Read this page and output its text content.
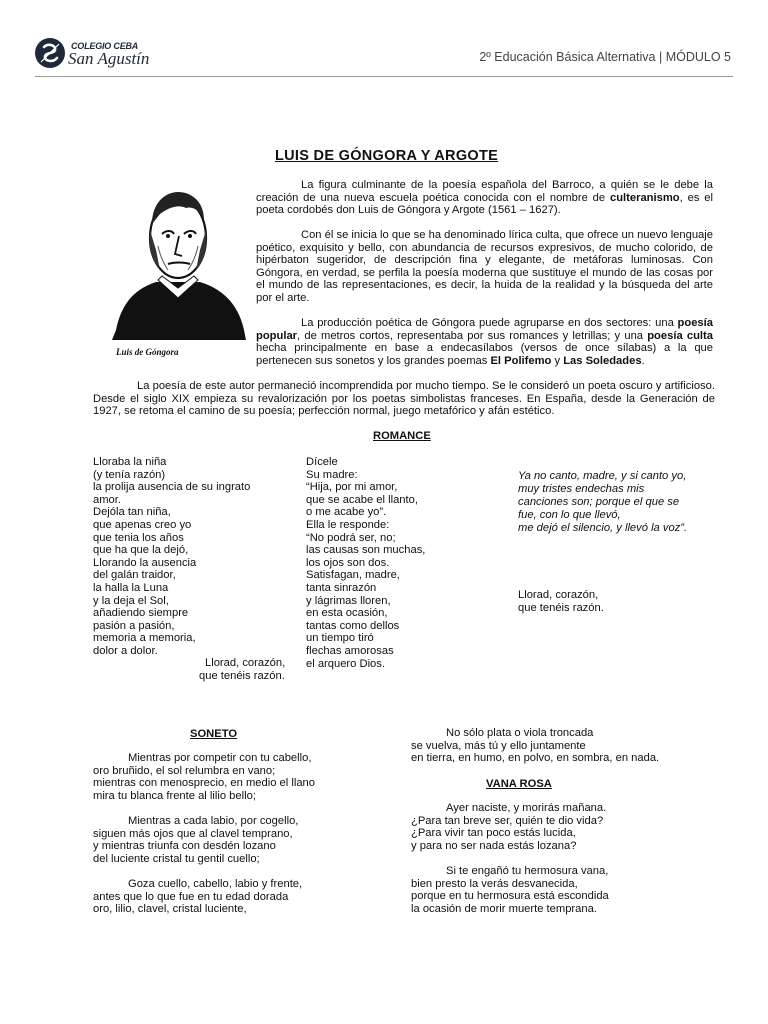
COLEGIO CEBA
San Agustín	2º Educación Básica Alternativa | MÓDULO 5
LUIS DE GÓNGORA Y ARGOTE
Luis de Góngora
La figura culminante de la poesía española del Barroco, a quién se le debe la creación de una nueva escuela poética conocida con el nombre de culteranismo, es el poeta cordobés don Luis de Góngora y Argote (1561 – 1627).
Con él se inicia lo que se ha denominado lírica culta, que ofrece un nuevo lenguaje poético, exquisito y bello, con abundancia de recursos expresivos, de mucho colorido, de hipérbaton sugeridor, de descripción fina y elegante, de metáforas luminosas. Con Góngora, en verdad, se perfila la poesía moderna que sustituye el mundo de las cosas por el mundo de las representaciones, es decir, la huida de la realidad y la búsqueda del arte por el arte.
La producción poética de Góngora puede agruparse en dos sectores: una poesía popular, de metros cortos, representaba por sus romances y letrillas; y una poesía culta hecha principalmente en base a endecasílabos (versos de once sílabas) a la que pertenecen sus sonetos y los grandes poemas El Polifemo y Las Soledades.
La poesía de este autor permaneció incomprendida por mucho tiempo. Se le consideró un poeta oscuro y artificioso. Desde el siglo XIX empieza su revalorización por los poetas simbolistas franceses. En España, desde la Generación de 1927, se retoma el camino de su poesía; perfección normal, juego metafórico y afán estético.
ROMANCE
Lloraba la niña
(y tenía razón)
la prolija ausencia de su ingrato
amor.
Dejóla tan niña,
que apenas creo yo
que tenia los años
que ha que la dejó,
Llorando la ausencia
del galán traidor,
la halla la Luna
y la deja el Sol,
añadiendo siempre
pasión a pasión,
memoria a memoria,
dolor a dolor.
Llorad, corazón,
que tenéis razón.
Dícele
Su madre:
“Hija, por mi amor,
que se acabe el llanto,
o me acabe yo”.
Ella le responde:
“No podrá ser, no;
las causas son muchas,
los ojos son dos.
Satisfagan, madre,
tanta sinrazón
y lágrimas lloren,
en esta ocasión,
tantas como dellos
un tiempo tiró
flechas amorosas
el arquero Dios.
Ya no canto, madre, y si canto yo,
muy tristes endechas mis
canciones son; porque el que se
fue, con lo que llevó,
me dejó el silencio, y llevó la voz”.
Llorad, corazón,
que tenéis razón.
SONETO
Mientras por competir con tu cabello,
oro bruñido, el sol relumbra en vano;
mientras con menosprecio, en medio el llano
mira tu blanca frente al lilio bello;
Mientras a cada labio, por cogello,
siguen más ojos que al clavel temprano,
y mientras triunfa con desdén lozano
del luciente cristal tu gentil cuello;
Goza cuello, cabello, labio y frente,
antes que lo que fue en tu edad dorada
oro, lilio, clavel, cristal luciente,
No sólo plata o viola troncada
se vuelva, más tú y ello juntamente
en tierra, en humo, en polvo, en sombra, en nada.
VANA ROSA
Ayer naciste, y morirás mañana.
¿Para tan breve ser, quién te dio vida?
¿Para vivir tan poco estás lucida,
y para no ser nada estás lozana?
Si te engañó tu hermosura vana,
bien presto la verás desvanecida,
porque en tu hermosura está escondida
la ocasión de morir muerte temprana.
